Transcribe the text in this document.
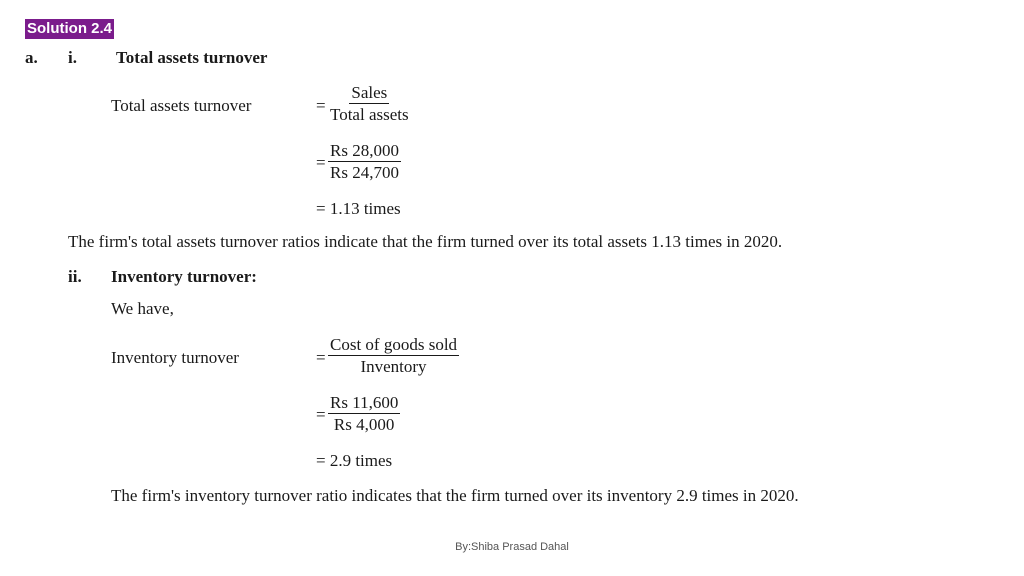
Solution 2.4
a. i. Total assets turnover
Total assets turnover	=
Sales
Total assets
= $\frac{Rs 28,000}{Rs 24,700}$
= 1.13 times
The firm's total assets turnover ratios indicate that the firm turned over its total assets 1.13 times in 2020.
ii. Inventory turnover:
We have,
Inventory turnover	=
Cost of goods sold
Inventory
= $\frac{Rs 11,600}{Rs 4,000}$
= 2.9 times
The firm's inventory turnover ratio indicates that the firm turned over its inventory 2.9 times in 2020.
By:Shiba Prasad Dahal
